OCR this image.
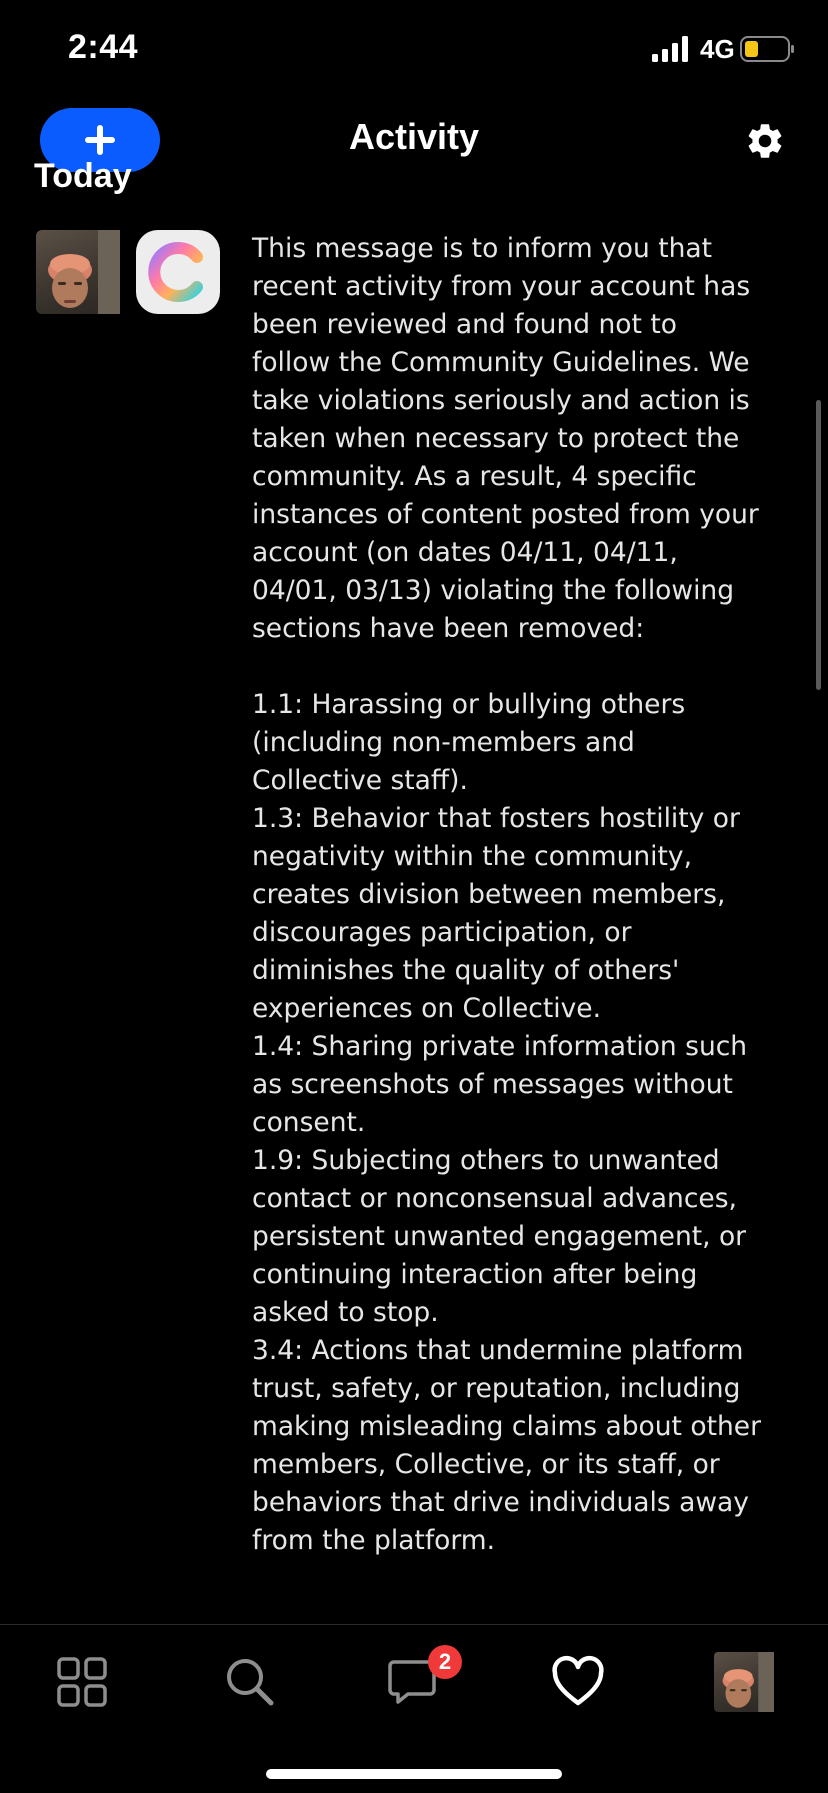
2:44	4G
Activity
Today

This message is to inform you that recent activity from your account has been reviewed and found not to follow the Community Guidelines. We take violations seriously and action is taken when necessary to protect the community. As a result, 4 specific instances of content posted from your account (on dates 04/11, 04/11, 04/01, 03/13) violating the following sections have been removed:

1.1: Harassing or bullying others (including non-members and Collective staff).
1.3: Behavior that fosters hostility or negativity within the community, creates division between members, discourages participation, or diminishes the quality of others' experiences on Collective.
1.4: Sharing private information such as screenshots of messages without consent.
1.9: Subjecting others to unwanted contact or nonconsensual advances, persistent unwanted engagement, or continuing interaction after being asked to stop.
3.4: Actions that undermine platform trust, safety, or reputation, including making misleading claims about other members, Collective, or its staff, or behaviors that drive individuals away from the platform.

2
